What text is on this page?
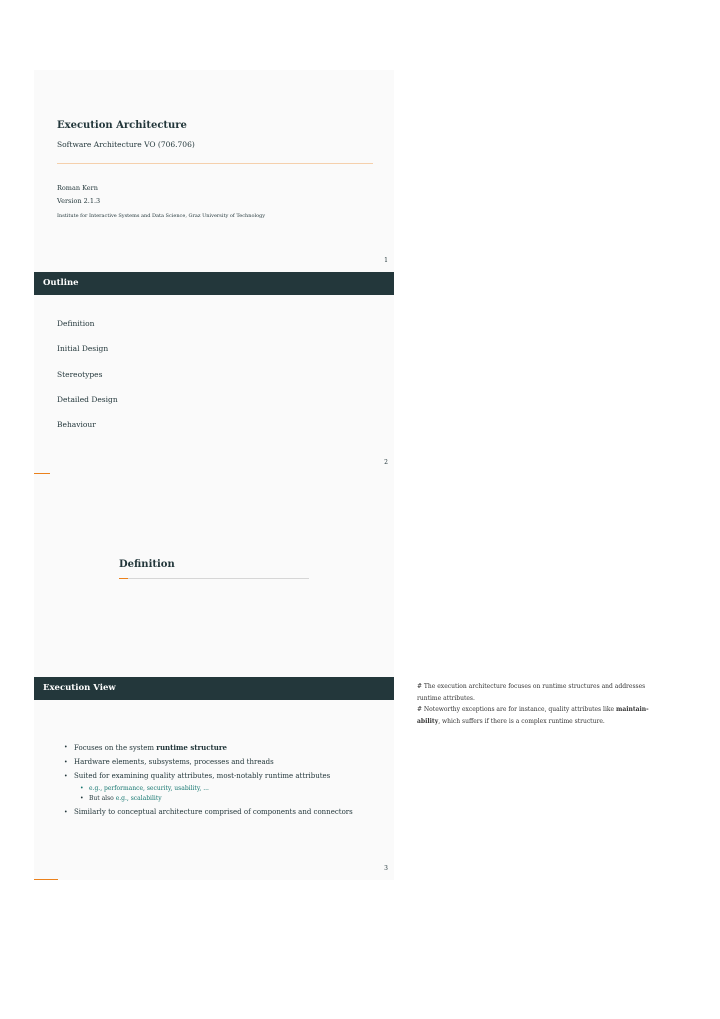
Execution Architecture
Software Architecture VO (706.706)
Roman Kern
Version 2.1.3
Institute for Interactive Systems and Data Science, Graz University of Technology
1
Outline
Definition
Initial Design
Stereotypes
Detailed Design
Behaviour
2
Definition
Execution View
• Focuses on the system runtime structure
• Hardware elements, subsystems, processes and threads
• Suited for examining quality attributes, most-notably runtime attributes
• e.g., performance, security, usability, ...
• But also e.g., scalability
• Similarly to conceptual architecture comprised of components and connectors
3

# The execution architecture focuses on runtime structures and addresses runtime attributes.

# Noteworthy exceptions are for instance, quality attributes like maintain-ability, which suffers if there is a complex runtime structure.
